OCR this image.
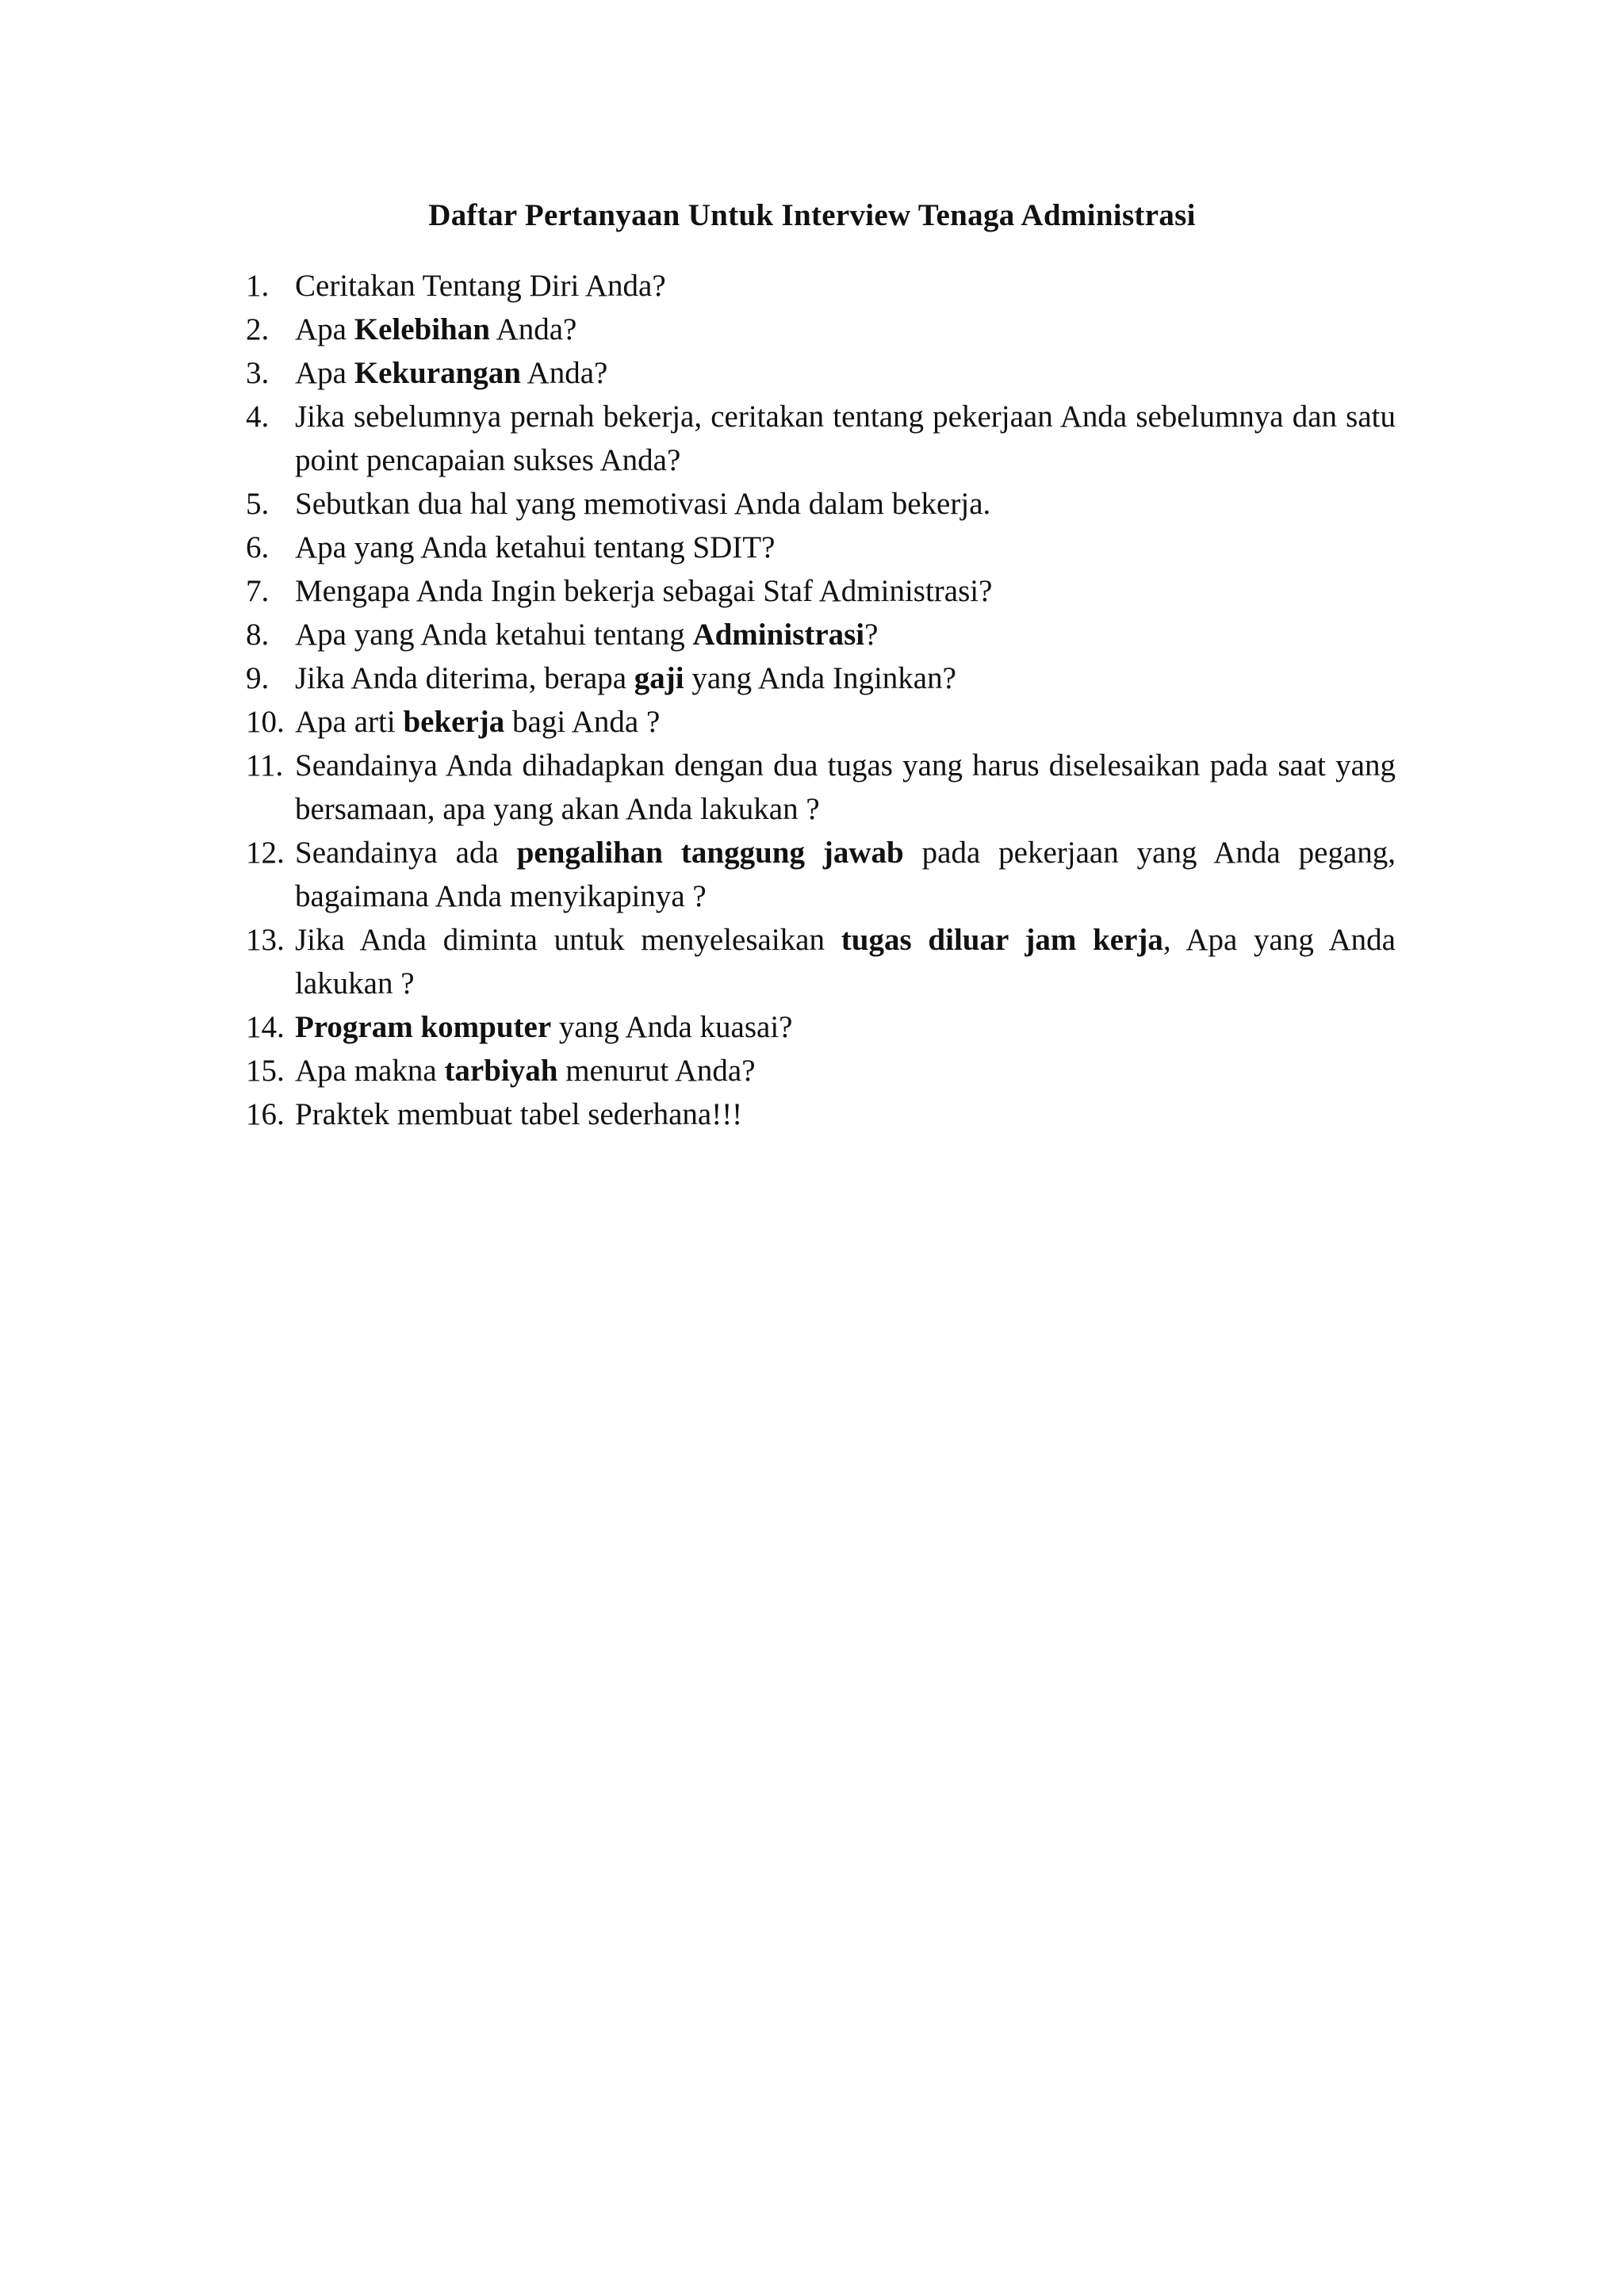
Daftar Pertanyaan Untuk Interview Tenaga Administrasi
1. Ceritakan Tentang Diri Anda?
2. Apa Kelebihan Anda?
3. Apa Kekurangan Anda?
4. Jika sebelumnya pernah bekerja, ceritakan tentang pekerjaan Anda sebelumnya dan satu point pencapaian sukses Anda?
5. Sebutkan dua hal yang memotivasi Anda dalam bekerja.
6. Apa yang Anda ketahui tentang SDIT?
7. Mengapa Anda Ingin bekerja sebagai Staf Administrasi?
8. Apa yang Anda ketahui tentang Administrasi?
9. Jika Anda diterima, berapa gaji yang Anda Inginkan?
10. Apa arti bekerja bagi Anda ?
11. Seandainya Anda dihadapkan dengan dua tugas yang harus diselesaikan pada saat yang bersamaan, apa yang akan Anda lakukan ?
12. Seandainya ada pengalihan tanggung jawab pada pekerjaan yang Anda pegang, bagaimana Anda menyikapinya ?
13. Jika Anda diminta untuk menyelesaikan tugas diluar jam kerja, Apa yang Anda lakukan ?
14. Program komputer yang Anda kuasai?
15. Apa makna tarbiyah menurut Anda?
16. Praktek membuat tabel sederhana!!!
